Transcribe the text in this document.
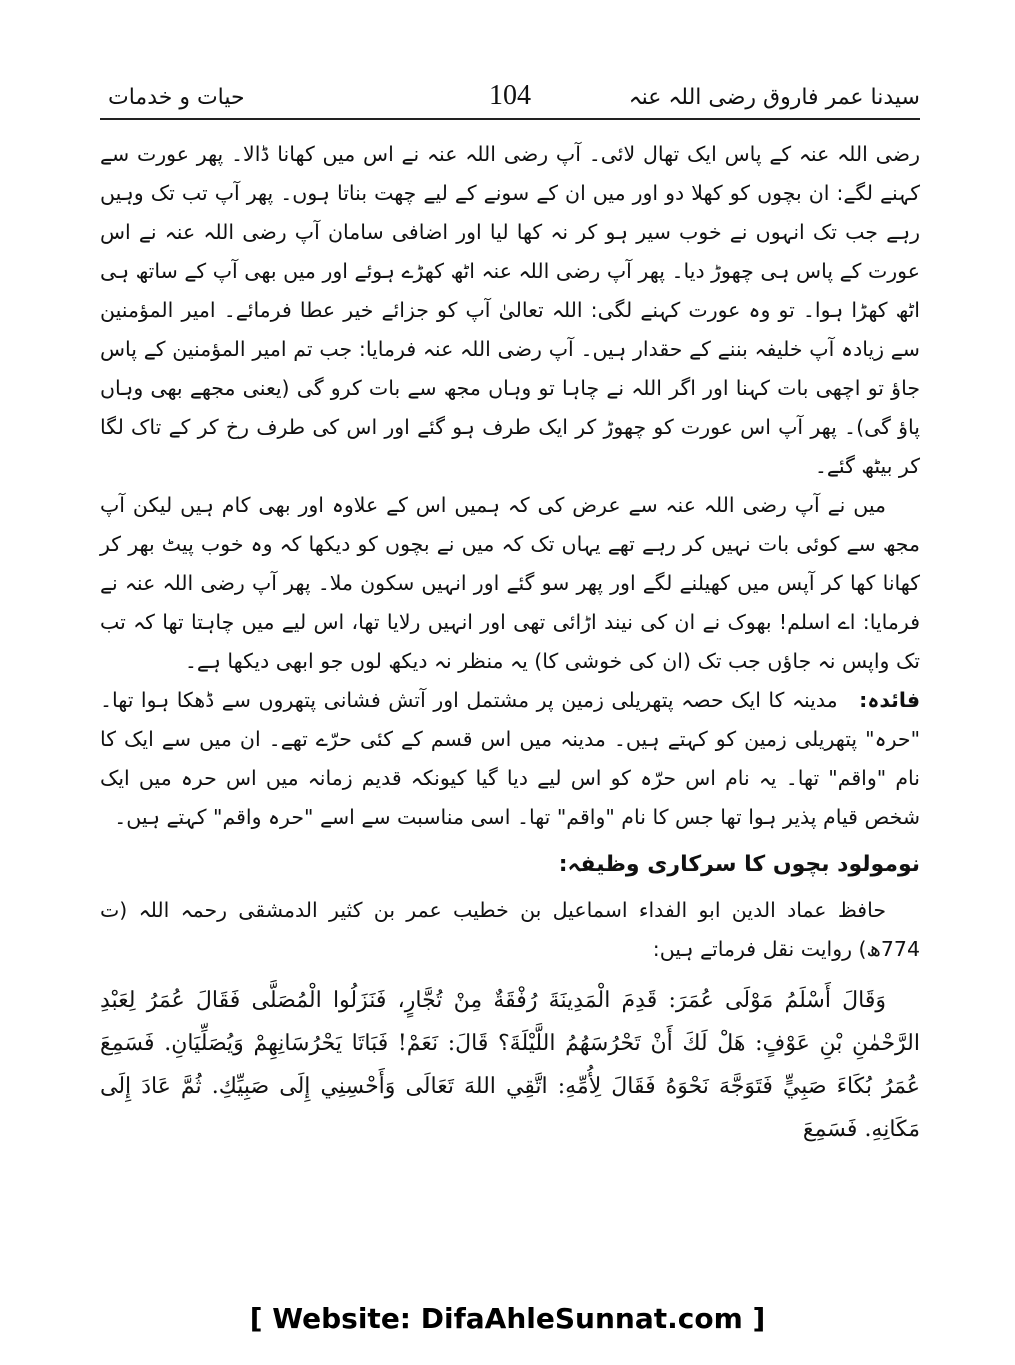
سیدنا عمر فاروق رضی اللہ عنہ
104
حیات و خدمات

رضی اللہ عنہ کے پاس ایک تھال لائی۔ آپ رضی اللہ عنہ نے اس میں کھانا ڈالا۔ پھر عورت سے کہنے لگے: ان بچوں کو کھلا دو اور میں ان کے سونے کے لیے چھت بناتا ہوں۔ پھر آپ تب تک وہیں رہے جب تک انہوں نے خوب سیر ہو کر نہ کھا لیا اور اضافی سامان آپ رضی اللہ عنہ نے اس عورت کے پاس ہی چھوڑ دیا۔ پھر آپ رضی اللہ عنہ اٹھ کھڑے ہوئے اور میں بھی آپ کے ساتھ ہی اٹھ کھڑا ہوا۔ تو وہ عورت کہنے لگی: اللہ تعالیٰ آپ کو جزائے خیر عطا فرمائے۔ امیر المؤمنین سے زیادہ آپ خلیفہ بننے کے حقدار ہیں۔ آپ رضی اللہ عنہ فرمایا: جب تم امیر المؤمنین کے پاس جاؤ تو اچھی بات کہنا اور اگر اللہ نے چاہا تو وہاں مجھ سے بات کرو گی (یعنی مجھے بھی وہاں پاؤ گی)۔ پھر آپ اس عورت کو چھوڑ کر ایک طرف ہو گئے اور اس کی طرف رخ کر کے تاک لگا کر بیٹھ گئے۔

میں نے آپ رضی اللہ عنہ سے عرض کی کہ ہمیں اس کے علاوہ اور بھی کام ہیں لیکن آپ مجھ سے کوئی بات نہیں کر رہے تھے یہاں تک کہ میں نے بچوں کو دیکھا کہ وہ خوب پیٹ بھر کر کھانا کھا کر آپس میں کھیلنے لگے اور پھر سو گئے اور انہیں سکون ملا۔ پھر آپ رضی اللہ عنہ نے فرمایا: اے اسلم! بھوک نے ان کی نیند اڑائی تھی اور انہیں رلایا تھا، اس لیے میں چاہتا تھا کہ تب تک واپس نہ جاؤں جب تک (ان کی خوشی کا) یہ منظر نہ دیکھ لوں جو ابھی دیکھا ہے۔

فائدہ: مدینہ کا ایک حصہ پتھریلی زمین پر مشتمل اور آتش فشانی پتھروں سے ڈھکا ہوا تھا۔ "حرہ" پتھریلی زمین کو کہتے ہیں۔ مدینہ میں اس قسم کے کئی حرّے تھے۔ ان میں سے ایک کا نام "واقم" تھا۔ یہ نام اس حرّہ کو اس لیے دیا گیا کیونکہ قدیم زمانہ میں اس حرہ میں ایک شخص قیام پذیر ہوا تھا جس کا نام "واقم" تھا۔ اسی مناسبت سے اسے "حرہ واقم" کہتے ہیں۔

نومولود بچوں کا سرکاری وظیفہ:

حافظ عماد الدین ابو الفداء اسماعیل بن خطیب عمر بن کثیر الدمشقی رحمہ اللہ (ت 774ھ) روایت نقل فرماتے ہیں:

وَقَالَ أَسْلَمُ مَوْلَى عُمَرَ: قَدِمَ الْمَدِينَةَ رُفْقَةٌ مِنْ تُجَّارٍ، فَنَزَلُوا الْمُصَلَّى فَقَالَ عُمَرُ لِعَبْدِ الرَّحْمٰنِ بْنِ عَوْفٍ: هَلْ لَكَ أَنْ تَحْرُسَهُمُ اللَّيْلَةَ؟ قَالَ: نَعَمْ! فَبَاتَا يَحْرُسَانِهِمْ وَيُصَلِّيَانِ. فَسَمِعَ عُمَرُ بُكَاءَ صَبِيٍّ فَتَوَجَّهَ نَحْوَهُ فَقَالَ لِأُمِّهِ: اتَّقِي اللهَ تَعَالَى وَأَحْسِنِي إِلَى صَبِيِّكِ. ثُمَّ عَادَ إِلَى مَكَانِهِ. فَسَمِعَ

[ Website: DifaAhleSunnat.com ]
